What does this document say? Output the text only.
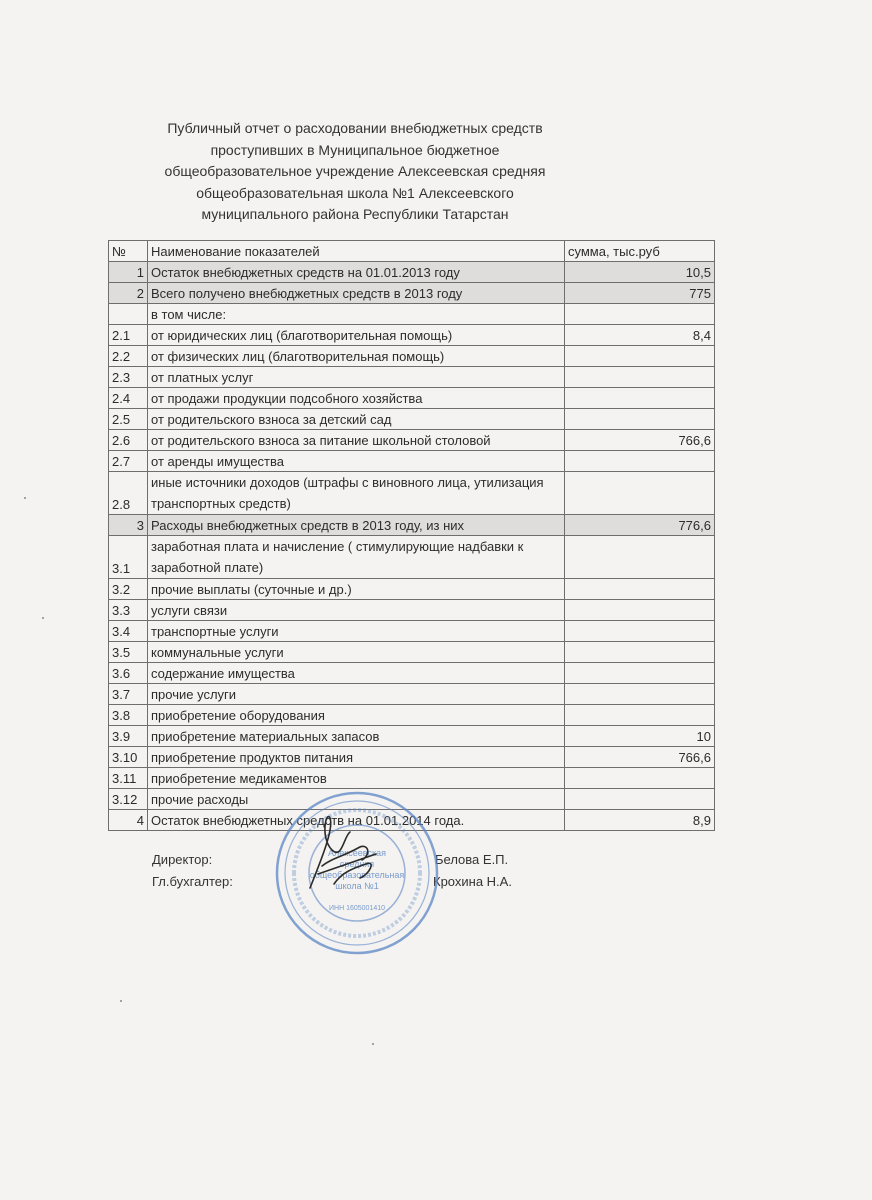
Публичный отчет о расходовании внебюджетных средств
проступивших в Муниципальное бюджетное
общеобразовательное учреждение Алексеевская средняя
общеобразовательная школа №1 Алексеевского
муниципального района Республики Татарстан
№	Наименование показателей	сумма, тыс.руб
1	Остаток внебюджетных средств на 01.01.2013 году	10,5
2	Всего получено внебюджетных средств в 2013 году	775
	в том числе:	
2.1	от юридических лиц (благотворительная помощь)	8,4
2.2	от физических лиц (благотворительная помощь)	
2.3	от платных услуг	
2.4	от продажи продукции подсобного хозяйства	
2.5	от родительского взноса за детский сад	
2.6	от родительского взноса за питание школьной столовой	766,6
2.7	от аренды имущества	
2.8	иные источники доходов (штрафы с виновного лица, утилизация транспортных средств)	
3	Расходы внебюджетных средств в 2013 году, из них	776,6
3.1	заработная плата и начисление ( стимулирующие надбавки к заработной плате)	
3.2	прочие выплаты (суточные и др.)	
3.3	услуги связи	
3.4	транспортные услуги	
3.5	коммунальные услуги	
3.6	содержание имущества	
3.7	прочие услуги	
3.8	приобретение оборудования	
3.9	приобретение материальных запасов	10
3.10	приобретение продуктов питания	766,6
3.11	приобретение медикаментов	
3.12	прочие расходы	
4	Остаток внебюджетных средств на 01.01.2014 года.	8,9
Директор:
Гл.бухгалтер:
Белова Е.П.
Крохина Н.А.
Алексеевская
средняя
общеобразовательная
школа №1
ИНН 1605001410
